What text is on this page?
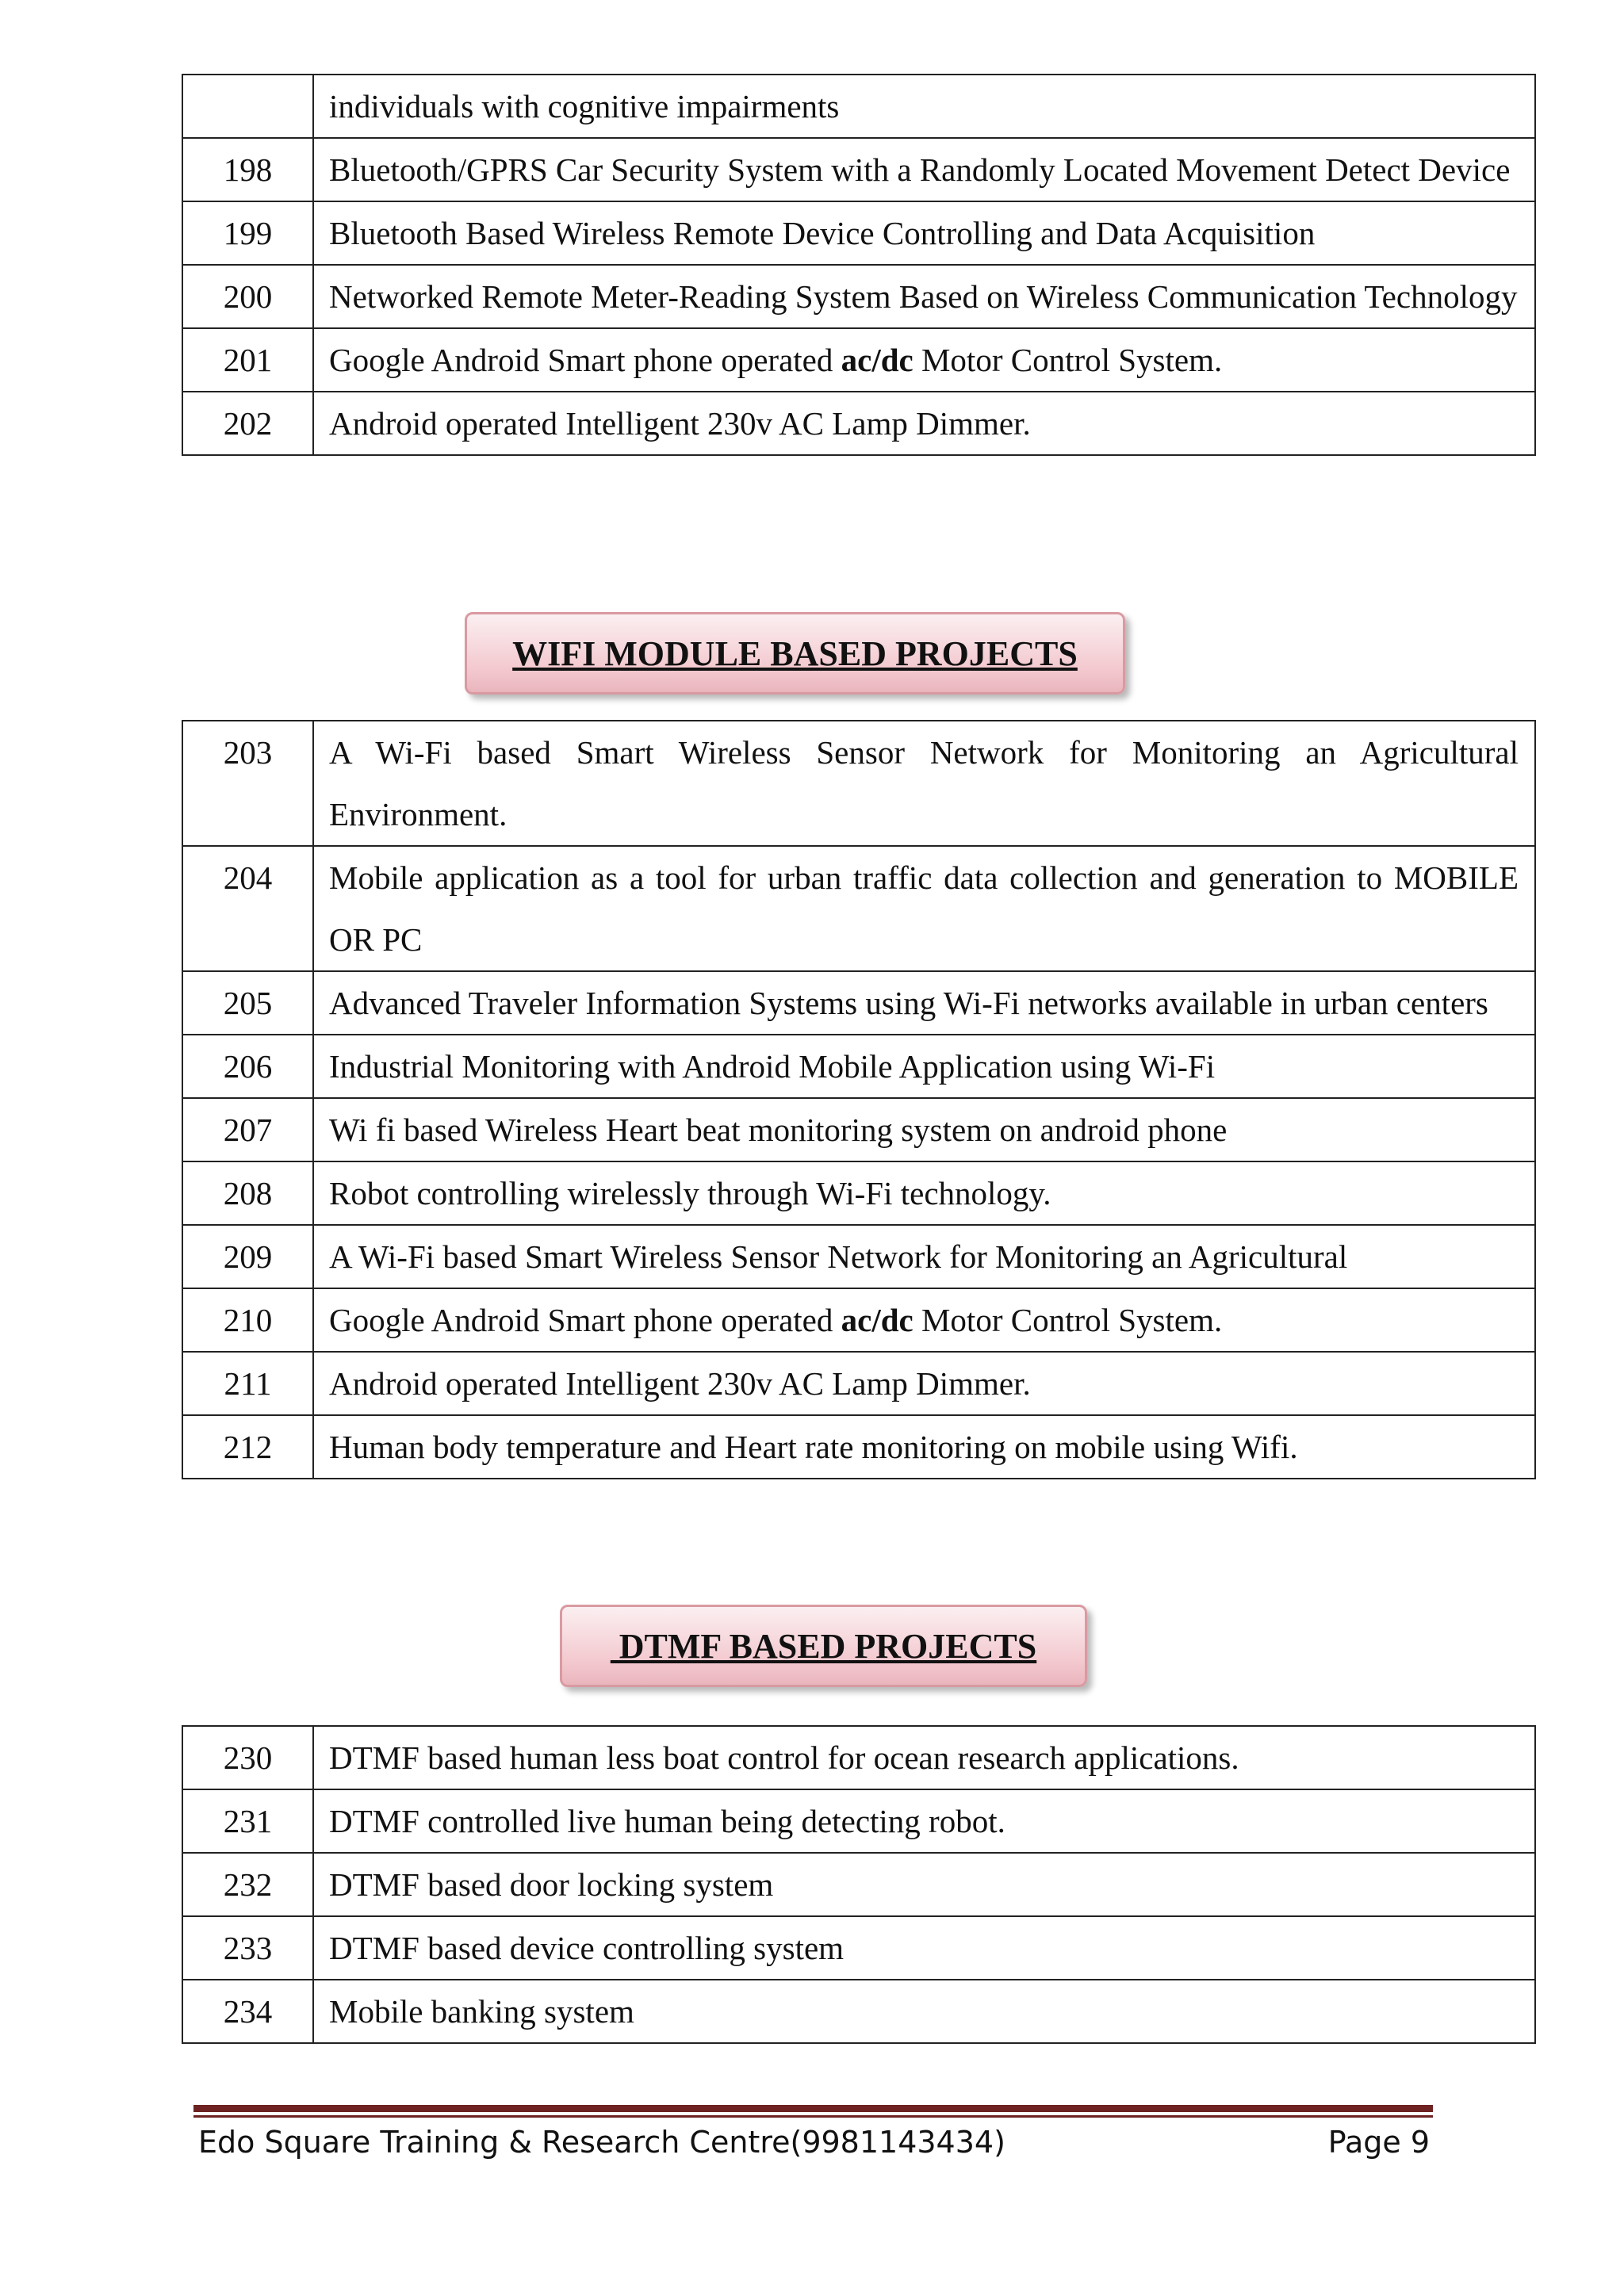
	individuals with cognitive impairments
198	Bluetooth/GPRS Car Security System with a Randomly Located Movement Detect Device
199	Bluetooth Based Wireless Remote Device Controlling and Data Acquisition
200	Networked Remote Meter-Reading System Based on Wireless Communication Technology
201	Google Android Smart phone operated ac/dc Motor Control System.
202	Android operated Intelligent 230v AC Lamp Dimmer.
WIFI MODULE BASED PROJECTS
203	A Wi-Fi based Smart Wireless Sensor Network for Monitoring an Agricultural Environment.
204	Mobile application as a tool for urban traffic data collection and generation to MOBILE OR PC
205	Advanced Traveler Information Systems using Wi-Fi networks available in urban centers
206	Industrial Monitoring with Android Mobile Application using Wi-Fi
207	Wi fi based Wireless Heart beat monitoring system on android phone
208	Robot controlling wirelessly through Wi-Fi technology.
209	A Wi-Fi based Smart Wireless Sensor Network for Monitoring an Agricultural
210	Google Android Smart phone operated ac/dc Motor Control System.
211	Android operated Intelligent 230v AC Lamp Dimmer.
212	Human body temperature and Heart rate monitoring on mobile using Wifi.
DTMF BASED PROJECTS
230	DTMF based human less boat control for ocean research applications.
231	DTMF controlled live human being detecting robot.
232	DTMF based door locking system
233	DTMF based device controlling system
234	Mobile banking system
Edo Square Training & Research Centre(9981143434)	Page 9
